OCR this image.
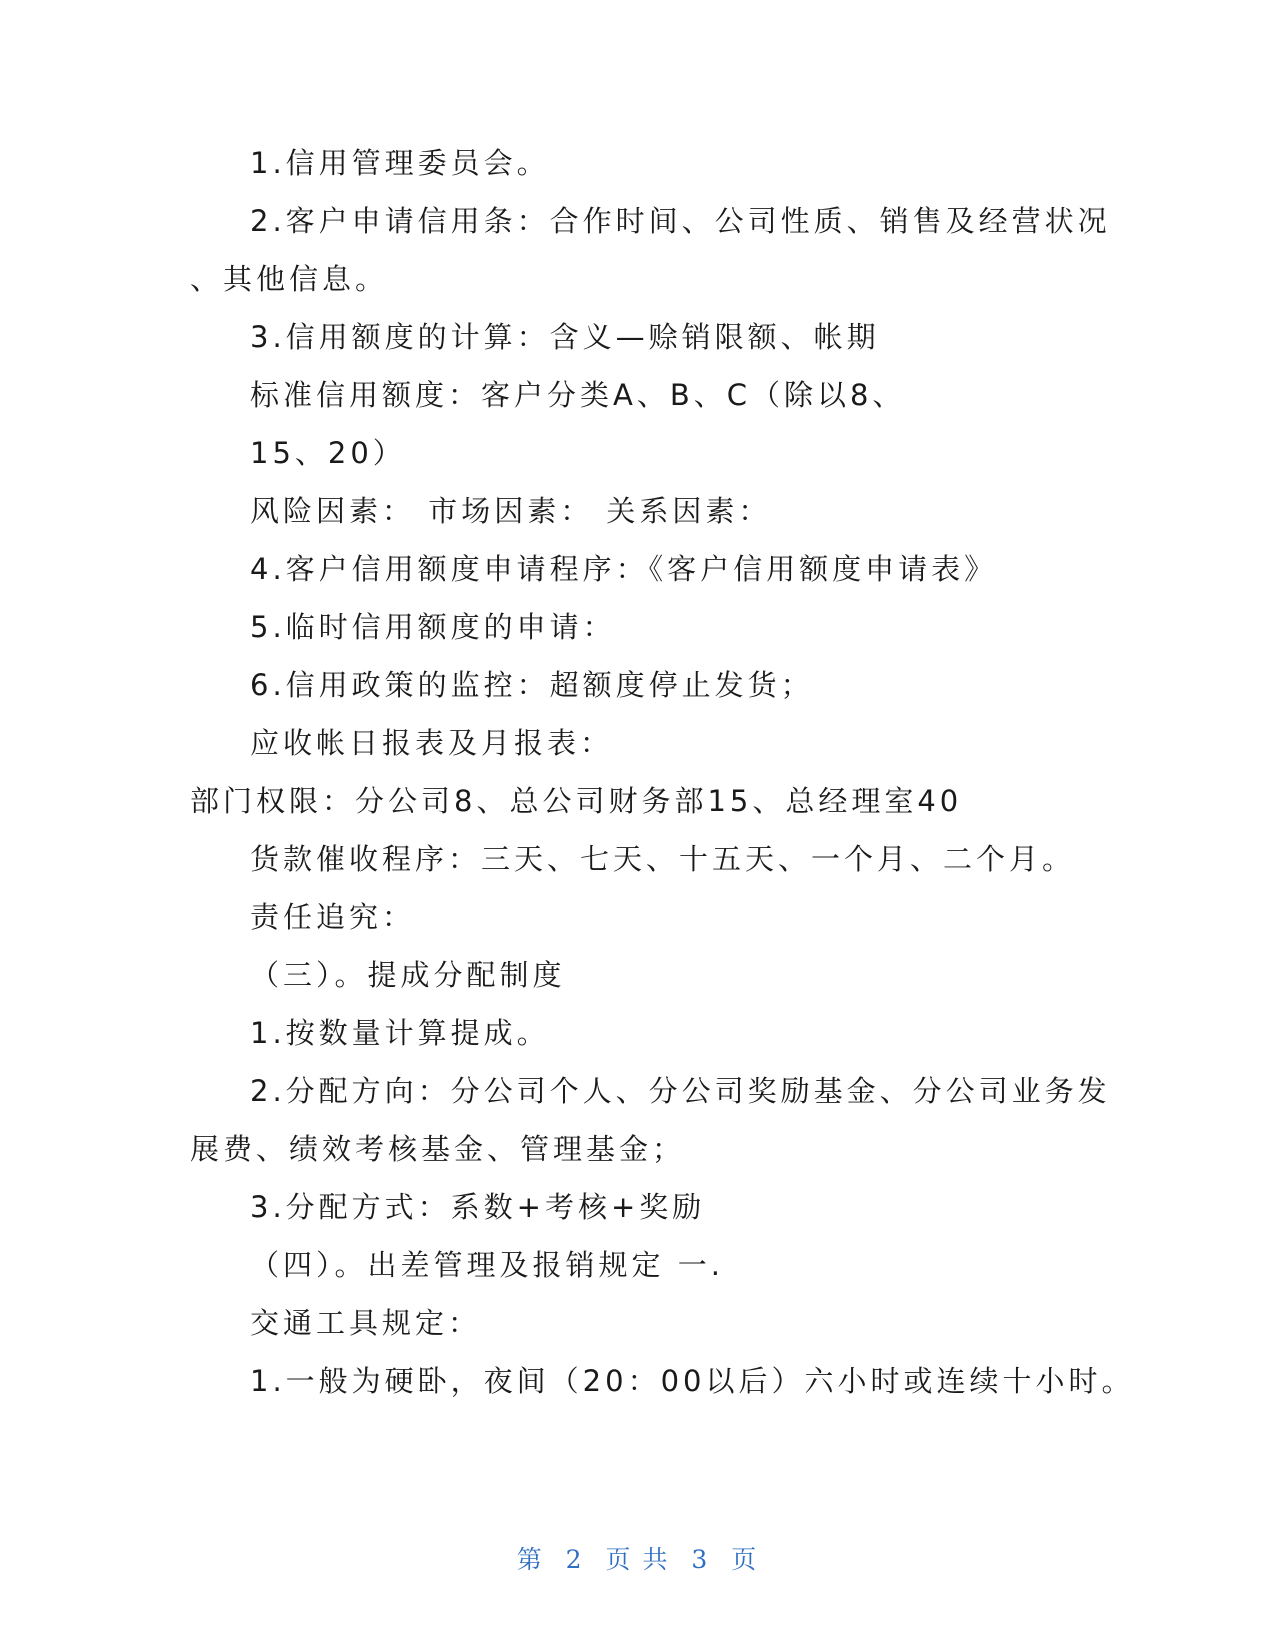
1.信用管理委员会。
2.客户申请信用条：合作时间、公司性质、销售及经营状况
、其他信息。
3.信用额度的计算：含义—赊销限额、帐期
标准信用额度：客户分类A、B、C（除以8、
15、20）
风险因素： 市场因素： 关系因素：
4.客户信用额度申请程序：《客户信用额度申请表》
5.临时信用额度的申请：
6.信用政策的监控：超额度停止发货；
应收帐日报表及月报表：
部门权限：分公司8、总公司财务部15、总经理室40
货款催收程序：三天、七天、十五天、一个月、二个月。
责任追究：
（三）。提成分配制度
1.按数量计算提成。
2.分配方向：分公司个人、分公司奖励基金、分公司业务发
展费、绩效考核基金、管理基金；
3.分配方式：系数+考核+奖励
（四）。出差管理及报销规定 一.
交通工具规定：
1.一般为硬卧，夜间（20：00以后）六小时或连续十小时。
第 2 页 共 3 页
